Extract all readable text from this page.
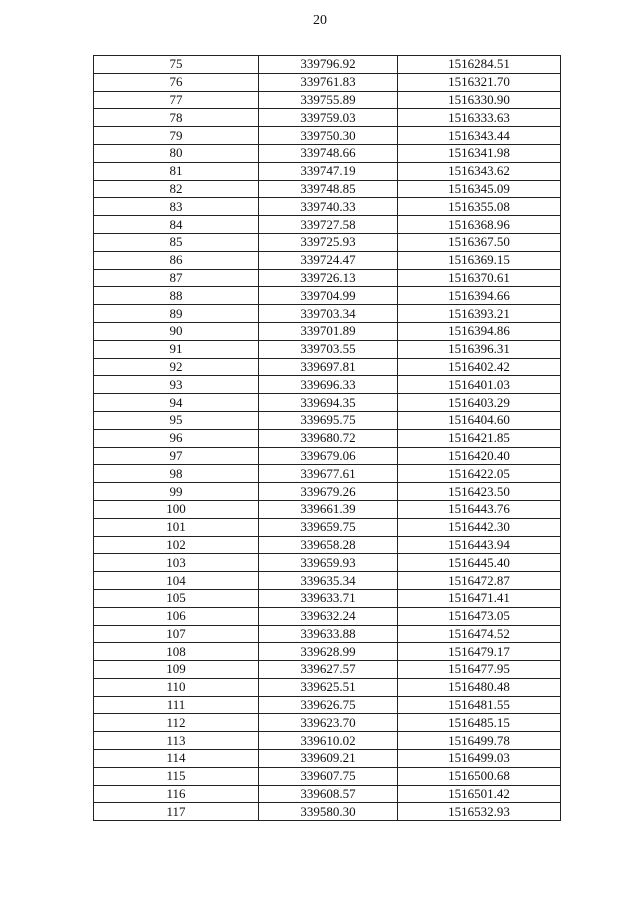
20
75	339796.92	1516284.51
76	339761.83	1516321.70
77	339755.89	1516330.90
78	339759.03	1516333.63
79	339750.30	1516343.44
80	339748.66	1516341.98
81	339747.19	1516343.62
82	339748.85	1516345.09
83	339740.33	1516355.08
84	339727.58	1516368.96
85	339725.93	1516367.50
86	339724.47	1516369.15
87	339726.13	1516370.61
88	339704.99	1516394.66
89	339703.34	1516393.21
90	339701.89	1516394.86
91	339703.55	1516396.31
92	339697.81	1516402.42
93	339696.33	1516401.03
94	339694.35	1516403.29
95	339695.75	1516404.60
96	339680.72	1516421.85
97	339679.06	1516420.40
98	339677.61	1516422.05
99	339679.26	1516423.50
100	339661.39	1516443.76
101	339659.75	1516442.30
102	339658.28	1516443.94
103	339659.93	1516445.40
104	339635.34	1516472.87
105	339633.71	1516471.41
106	339632.24	1516473.05
107	339633.88	1516474.52
108	339628.99	1516479.17
109	339627.57	1516477.95
110	339625.51	1516480.48
111	339626.75	1516481.55
112	339623.70	1516485.15
113	339610.02	1516499.78
114	339609.21	1516499.03
115	339607.75	1516500.68
116	339608.57	1516501.42
117	339580.30	1516532.93
